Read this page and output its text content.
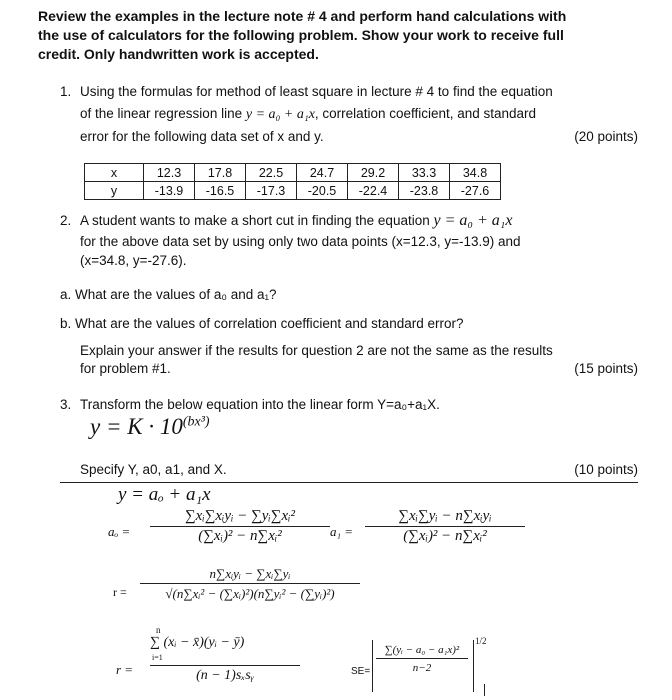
Review the examples in the lecture note # 4 and perform hand calculations with
the use of calculators for the following problem. Show your work to receive full
credit. Only handwritten work is accepted.
1. Using the formulas for method of least square in lecture # 4 to find the equation
of the linear regression line y = a₀ + a₁x, correlation coefficient, and standard
error for the following data set of x and y.	(20 points)
x	12.3	17.8	22.5	24.7	29.2	33.3	34.8
y	-13.9	-16.5	-17.3	-20.5	-22.4	-23.8	-27.6
2. A student wants to make a short cut in finding the equation y = a₀ + a₁x
for the above data set by using only two data points (x=12.3, y=-13.9) and
(x=34.8, y=-27.6).
a. What are the values of a₀ and a₁?
b. What are the values of correlation coefficient and standard error?
Explain your answer if the results for question 2 are not the same as the results
for problem #1.	(15 points)
3. Transform the below equation into the linear form Y=a₀+a₁X.
$y = K \cdot 10^{(bx^3)}$
Specify Y, a0, a1, and X.	(10 points)
y = aₒ + a₁x
aₒ =
∑xᵢ∑xᵢyᵢ − ∑yᵢ∑xᵢ²
(∑xᵢ)² − n∑xᵢ²	a₁ =
∑xᵢ∑yᵢ − n∑xᵢyᵢ
(∑xᵢ)² − n∑xᵢ²
r =
n∑xᵢyᵢ − ∑xᵢ∑yᵢ
√(n∑xᵢ² − (∑xᵢ)²)(n∑yᵢ² − (∑yᵢ)²)
r =
n
∑ (xᵢ − x̄)(yᵢ − ȳ)
i=1
(n − 1)sₓsᵧ	$SE= \frac{\text{∑(yᵢ − a₀ − a₁x)²}}{n-2}$
1/2
